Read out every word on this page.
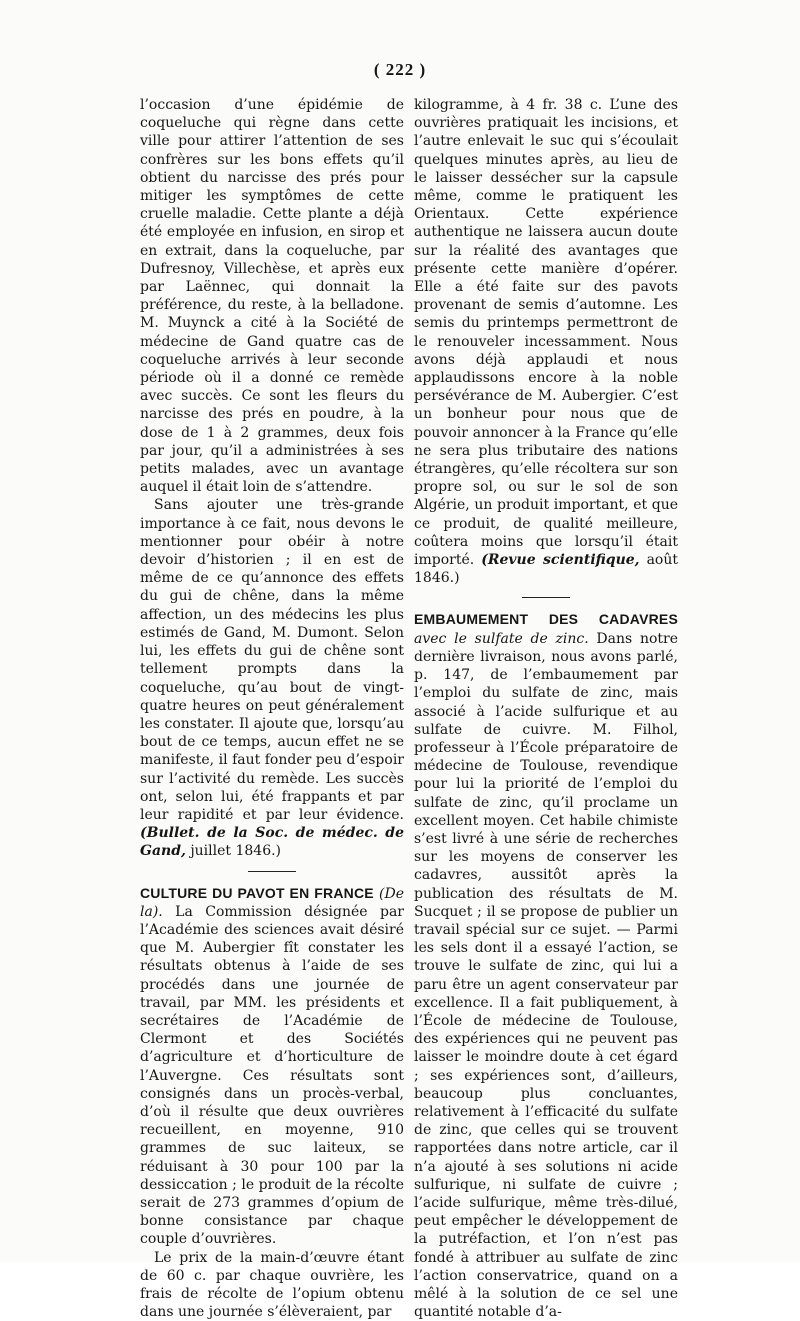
( 222 )

l’occasion d’une épidémie de coqueluche qui règne dans cette ville pour attirer l’attention de ses confrères sur les bons effets qu’il obtient du narcisse des prés pour mitiger les symptômes de cette cruelle maladie. Cette plante a déjà été employée en infusion, en sirop et en extrait, dans la coqueluche, par Dufresnoy, Villechèse, et après eux par Laënnec, qui donnait la préférence, du reste, à la belladone. M. Muynck a cité à la Société de médecine de Gand quatre cas de coqueluche arrivés à leur seconde période où il a donné ce remède avec succès. Ce sont les fleurs du narcisse des prés en poudre, à la dose de 1 à 2 grammes, deux fois par jour, qu’il a administrées à ses petits malades, avec un avantage auquel il était loin de s’attendre.

Sans ajouter une très-grande importance à ce fait, nous devons le mentionner pour obéir à notre devoir d’historien ; il en est de même de ce qu’annonce des effets du gui de chêne, dans la même affection, un des médecins les plus estimés de Gand, M. Dumont. Selon lui, les effets du gui de chêne sont tellement prompts dans la coqueluche, qu’au bout de vingt-quatre heures on peut généralement les constater. Il ajoute que, lorsqu’au bout de ce temps, aucun effet ne se manifeste, il faut fonder peu d’espoir sur l’activité du remède. Les succès ont, selon lui, été frappants et par leur rapidité et par leur évidence. (Bullet. de la Soc. de médec. de Gand, juillet 1846.)

CULTURE DU PAVOT EN FRANCE (De la). La Commission désignée par l’Académie des sciences avait désiré que M. Aubergier fît constater les résultats obtenus à l’aide de ses procédés dans une journée de travail, par MM. les présidents et secrétaires de l’Académie de Clermont et des Sociétés d’agriculture et d’horticulture de l’Auvergne. Ces résultats sont consignés dans un procès-verbal, d’où il résulte que deux ouvrières recueillent, en moyenne, 910 grammes de suc laiteux, se réduisant à 30 pour 100 par la dessiccation ; le produit de la récolte serait de 273 grammes d’opium de bonne consistance par chaque couple d’ouvrières.

Le prix de la main-d’œuvre étant de 60 c. par chaque ouvrière, les frais de récolte de l’opium obtenu dans une journée s’élèveraient, par

kilogramme, à 4 fr. 38 c. L’une des ouvrières pratiquait les incisions, et l’autre enlevait le suc qui s’écoulait quelques minutes après, au lieu de le laisser dessécher sur la capsule même, comme le pratiquent les Orientaux. Cette expérience authentique ne laissera aucun doute sur la réalité des avantages que présente cette manière d’opérer. Elle a été faite sur des pavots provenant de semis d’automne. Les semis du printemps permettront de le renouveler incessamment. Nous avons déjà applaudi et nous applaudissons encore à la noble persévérance de M. Aubergier. C’est un bonheur pour nous que de pouvoir annoncer à la France qu’elle ne sera plus tributaire des nations étrangères, qu’elle récoltera sur son propre sol, ou sur le sol de son Algérie, un produit important, et que ce produit, de qualité meilleure, coûtera moins que lorsqu’il était importé. (Revue scientifique, août 1846.)

EMBAUMEMENT DES CADAVRES avec le sulfate de zinc. Dans notre dernière livraison, nous avons parlé, p. 147, de l’embaumement par l’emploi du sulfate de zinc, mais associé à l’acide sulfurique et au sulfate de cuivre. M. Filhol, professeur à l’École préparatoire de médecine de Toulouse, revendique pour lui la priorité de l’emploi du sulfate de zinc, qu’il proclame un excellent moyen. Cet habile chimiste s’est livré à une série de recherches sur les moyens de conserver les cadavres, aussitôt après la publication des résultats de M. Sucquet ; il se propose de publier un travail spécial sur ce sujet. — Parmi les sels dont il a essayé l’action, se trouve le sulfate de zinc, qui lui a paru être un agent conservateur par excellence. Il a fait publiquement, à l’École de médecine de Toulouse, des expériences qui ne peuvent pas laisser le moindre doute à cet égard ; ses expériences sont, d’ailleurs, beaucoup plus concluantes, relativement à l’efficacité du sulfate de zinc, que celles qui se trouvent rapportées dans notre article, car il n’a ajouté à ses solutions ni acide sulfurique, ni sulfate de cuivre ; l’acide sulfurique, même très-dilué, peut empêcher le développement de la putréfaction, et l’on n’est pas fondé à attribuer au sulfate de zinc l’action conservatrice, quand on a mêlé à la solution de ce sel une quantité notable d’a-
